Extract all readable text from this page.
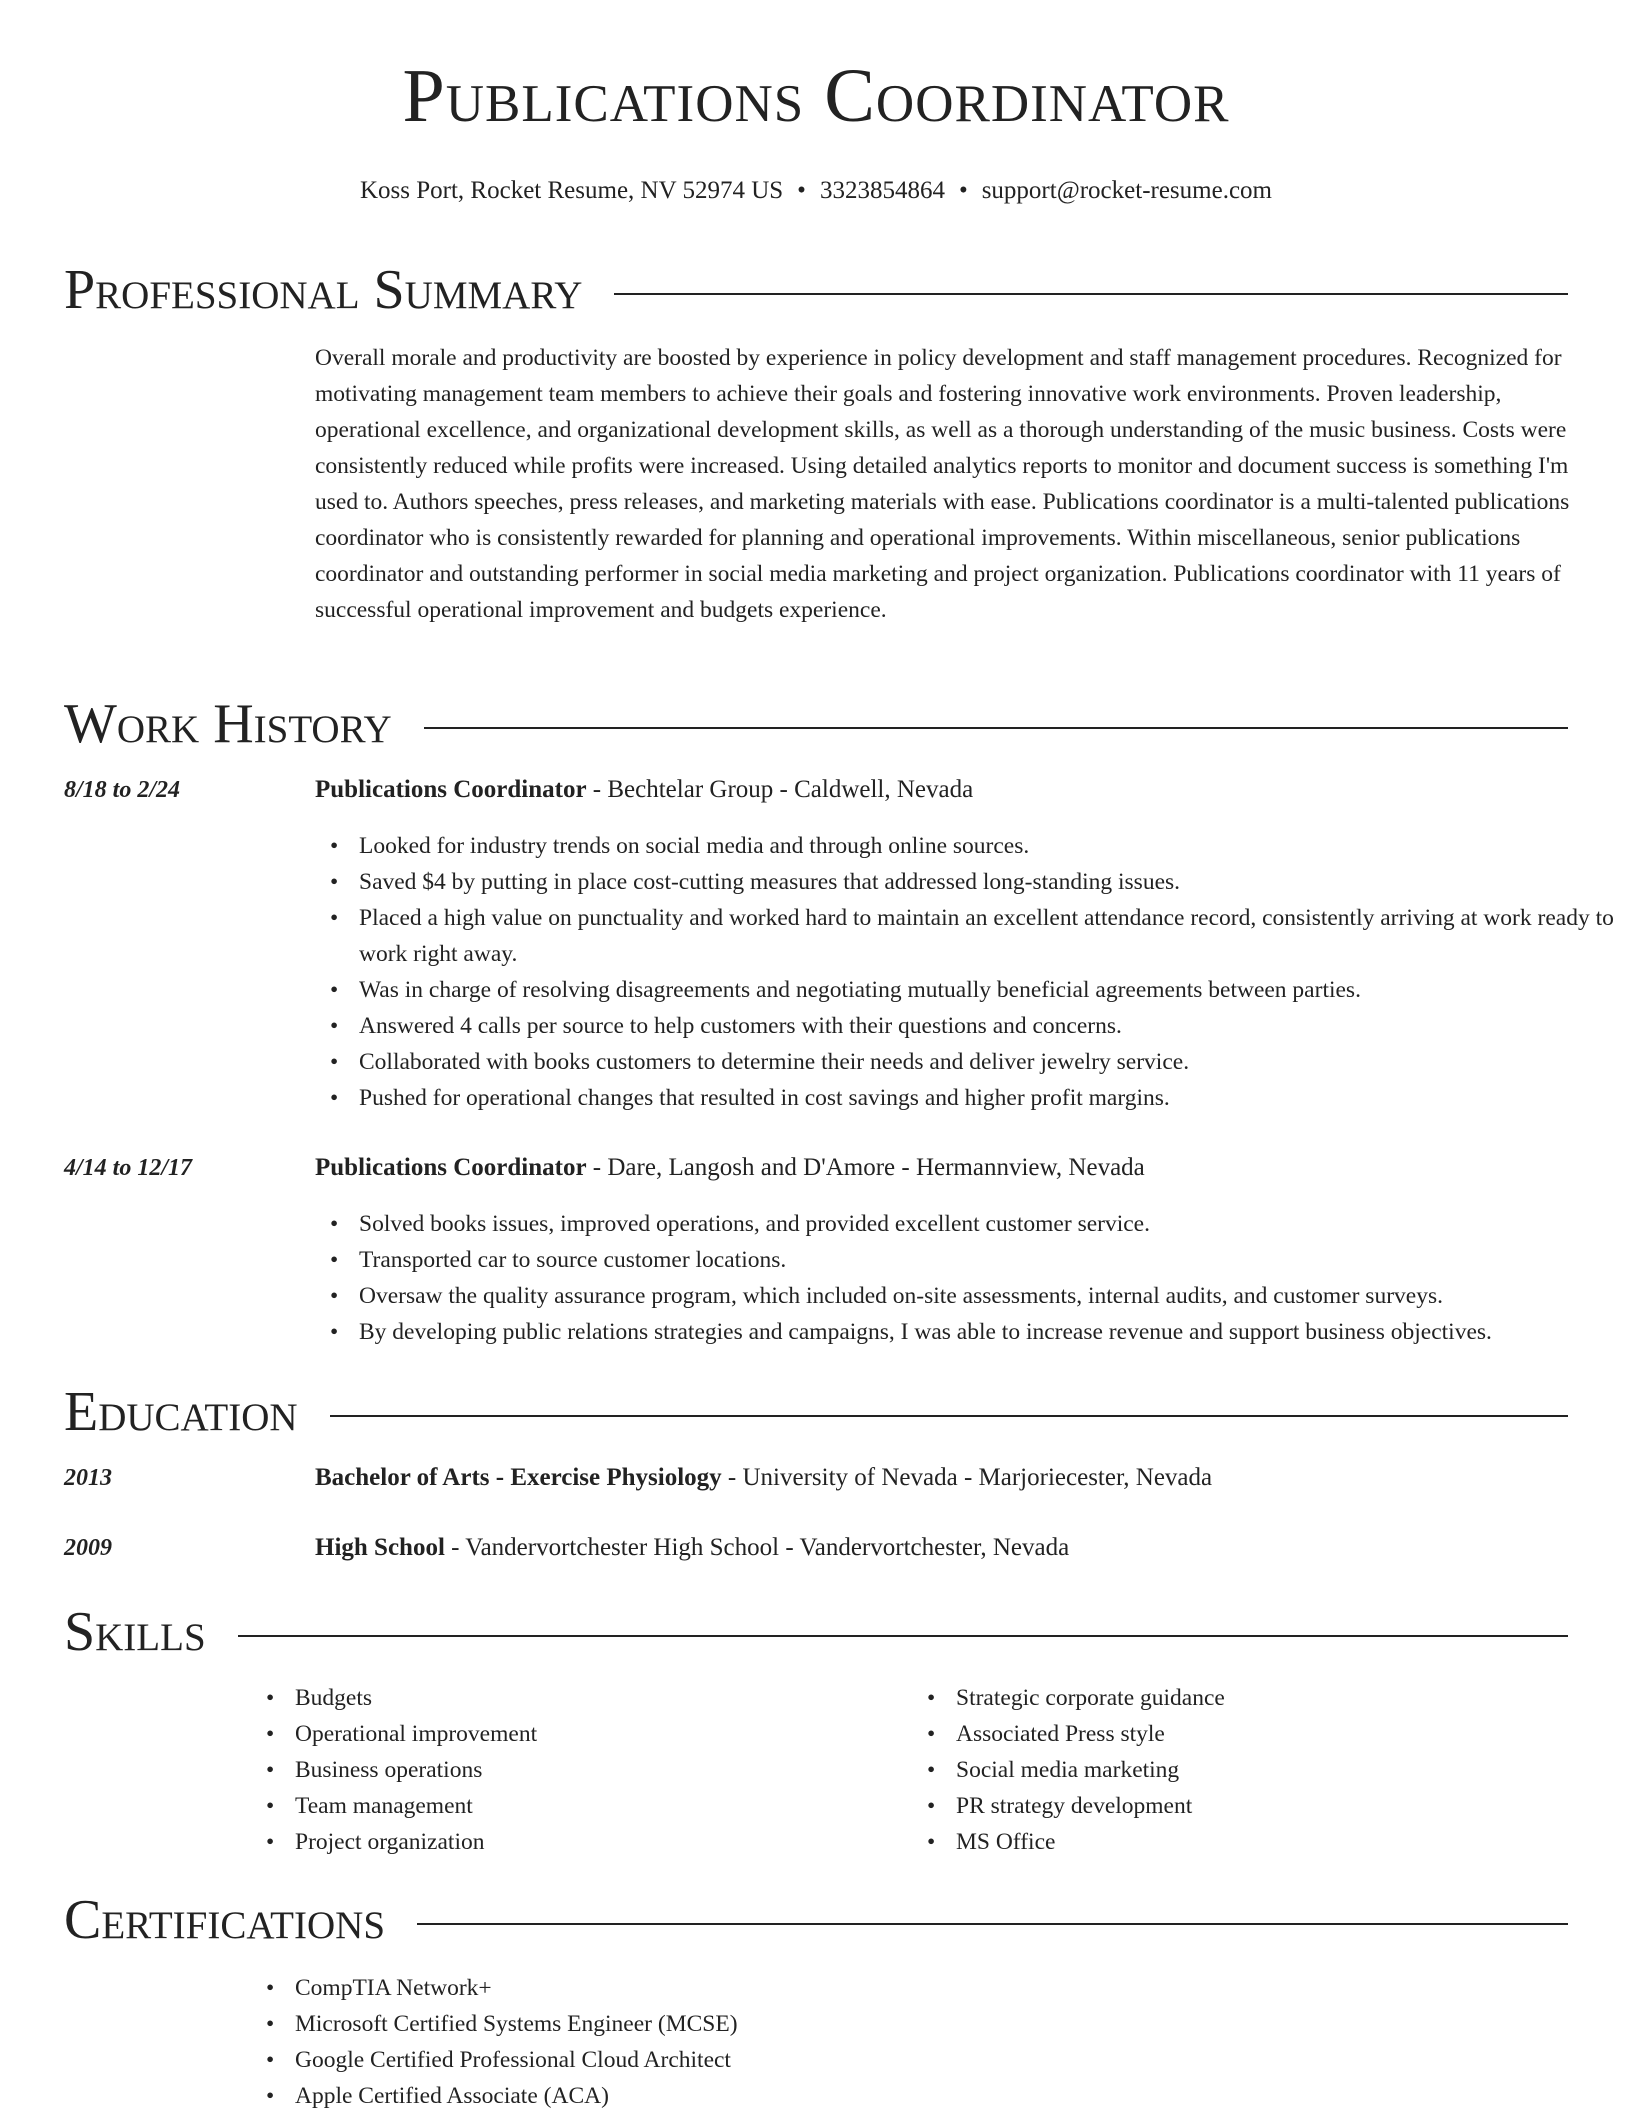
Publications Coordinator
Koss Port, Rocket Resume, NV 52974 US • 3323854864 • support@rocket-resume.com
Professional Summary
Overall morale and productivity are boosted by experience in policy development and staff management procedures. Recognized for motivating management team members to achieve their goals and fostering innovative work environments. Proven leadership, operational excellence, and organizational development skills, as well as a thorough understanding of the music business. Costs were consistently reduced while profits were increased. Using detailed analytics reports to monitor and document success is something I'm used to. Authors speeches, press releases, and marketing materials with ease. Publications coordinator is a multi-talented publications coordinator who is consistently rewarded for planning and operational improvements. Within miscellaneous, senior publications coordinator and outstanding performer in social media marketing and project organization. Publications coordinator with 11 years of successful operational improvement and budgets experience.
Work History
8/18 to 2/24	Publications Coordinator - Bechtelar Group - Caldwell, Nevada
• Looked for industry trends on social media and through online sources.
• Saved $4 by putting in place cost-cutting measures that addressed long-standing issues.
• Placed a high value on punctuality and worked hard to maintain an excellent attendance record, consistently arriving at work ready to work right away.
• Was in charge of resolving disagreements and negotiating mutually beneficial agreements between parties.
• Answered 4 calls per source to help customers with their questions and concerns.
• Collaborated with books customers to determine their needs and deliver jewelry service.
• Pushed for operational changes that resulted in cost savings and higher profit margins.
4/14 to 12/17	Publications Coordinator - Dare, Langosh and D'Amore - Hermannview, Nevada
• Solved books issues, improved operations, and provided excellent customer service.
• Transported car to source customer locations.
• Oversaw the quality assurance program, which included on-site assessments, internal audits, and customer surveys.
• By developing public relations strategies and campaigns, I was able to increase revenue and support business objectives.
Education
2013	Bachelor of Arts - Exercise Physiology - University of Nevada - Marjoriecester, Nevada
2009	High School - Vandervortchester High School - Vandervortchester, Nevada
Skills
• Budgets
• Operational improvement
• Business operations
• Team management
• Project organization
• Strategic corporate guidance
• Associated Press style
• Social media marketing
• PR strategy development
• MS Office
Certifications
• CompTIA Network+
• Microsoft Certified Systems Engineer (MCSE)
• Google Certified Professional Cloud Architect
• Apple Certified Associate (ACA)
